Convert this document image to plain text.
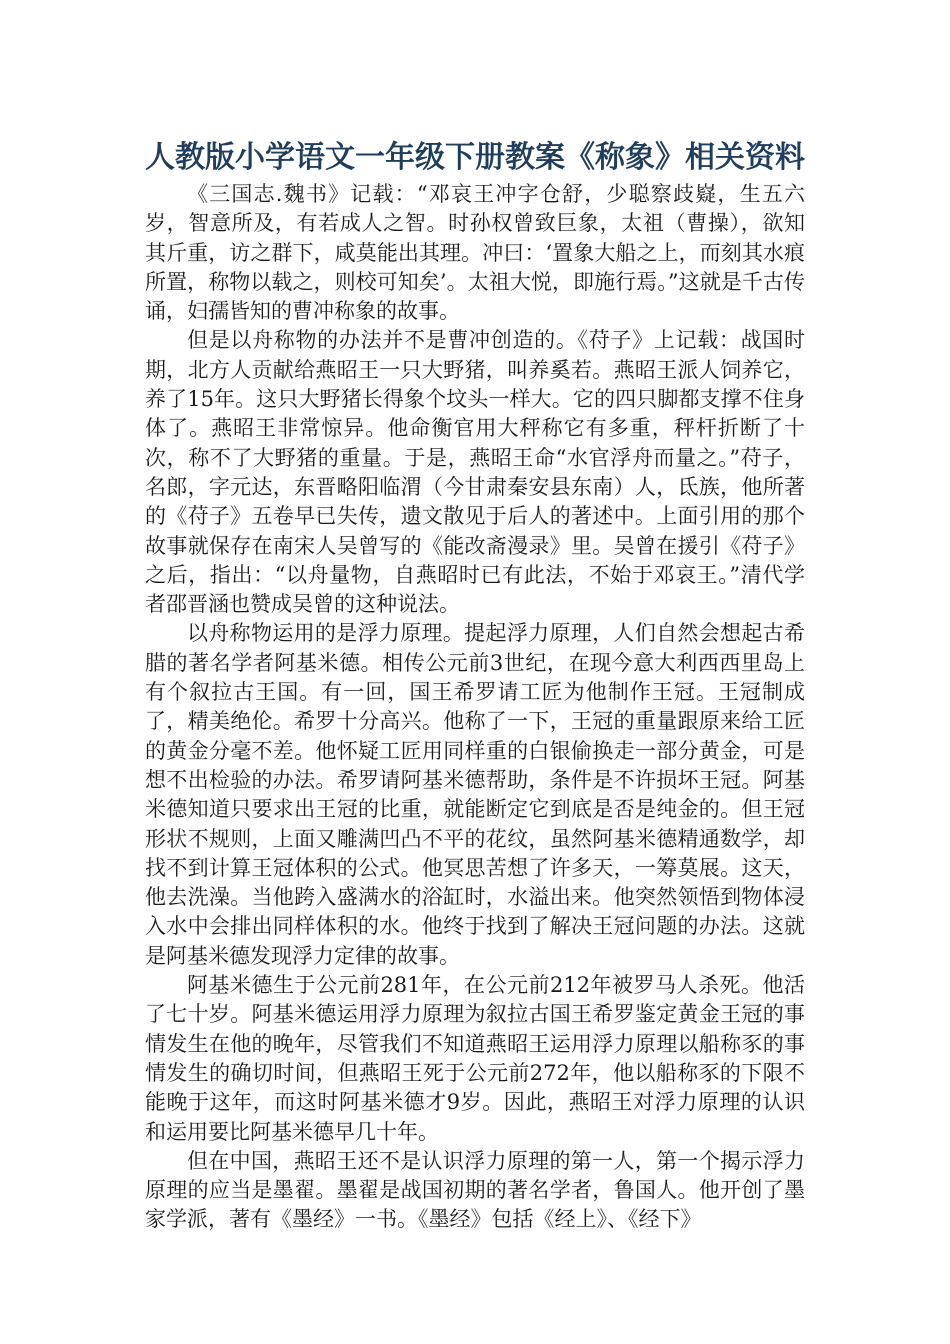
人教版小学语文一年级下册教案《称象》相关资料

《三国志.魏书》记载：“邓哀王冲字仓舒，少聪察歧嶷，生五六岁，智意所及，有若成人之智。时孙权曾致巨象，太祖（曹操），欲知其斤重，访之群下，咸莫能出其理。冲曰：‘置象大船之上，而刻其水痕所置，称物以载之，则校可知矣’。太祖大悦，即施行焉。”这就是千古传诵，妇孺皆知的曹冲称象的故事。

但是以舟称物的办法并不是曹冲创造的。《苻子》上记载：战国时期，北方人贡献给燕昭王一只大野猪，叫养奚若。燕昭王派人饲养它，养了15年。这只大野猪长得象个坟头一样大。它的四只脚都支撑不住身体了。燕昭王非常惊异。他命衡官用大秤称它有多重，秤杆折断了十次，称不了大野猪的重量。于是，燕昭王命“水官浮舟而量之。”苻子，名郎，字元达，东晋略阳临渭（今甘肃秦安县东南）人，氐族，他所著的《苻子》五卷早已失传，遗文散见于后人的著述中。上面引用的那个故事就保存在南宋人吴曾写的《能改斋漫录》里。吴曾在援引《苻子》之后，指出：“以舟量物，自燕昭时已有此法，不始于邓哀王。”清代学者邵晋涵也赞成吴曾的这种说法。

以舟称物运用的是浮力原理。提起浮力原理，人们自然会想起古希腊的著名学者阿基米德。相传公元前3世纪，在现今意大利西西里岛上有个叙拉古王国。有一回，国王希罗请工匠为他制作王冠。王冠制成了，精美绝伦。希罗十分高兴。他称了一下，王冠的重量跟原来给工匠的黄金分毫不差。他怀疑工匠用同样重的白银偷换走一部分黄金，可是想不出检验的办法。希罗请阿基米德帮助，条件是不许损坏王冠。阿基米德知道只要求出王冠的比重，就能断定它到底是否是纯金的。但王冠形状不规则，上面又雕满凹凸不平的花纹，虽然阿基米德精通数学，却找不到计算王冠体积的公式。他冥思苦想了许多天，一筹莫展。这天，他去洗澡。当他跨入盛满水的浴缸时，水溢出来。他突然领悟到物体浸入水中会排出同样体积的水。他终于找到了解决王冠问题的办法。这就是阿基米德发现浮力定律的故事。

阿基米德生于公元前281年，在公元前212年被罗马人杀死。他活了七十岁。阿基米德运用浮力原理为叙拉古国王希罗鉴定黄金王冠的事情发生在他的晚年，尽管我们不知道燕昭王运用浮力原理以船称豕的事情发生的确切时间，但燕昭王死于公元前272年，他以船称豕的下限不能晚于这年，而这时阿基米德才9岁。因此，燕昭王对浮力原理的认识和运用要比阿基米德早几十年。

但在中国，燕昭王还不是认识浮力原理的第一人，第一个揭示浮力原理的应当是墨翟。墨翟是战国初期的著名学者，鲁国人。他开创了墨家学派，著有《墨经》一书。《墨经》包括《经上》、《经下》
